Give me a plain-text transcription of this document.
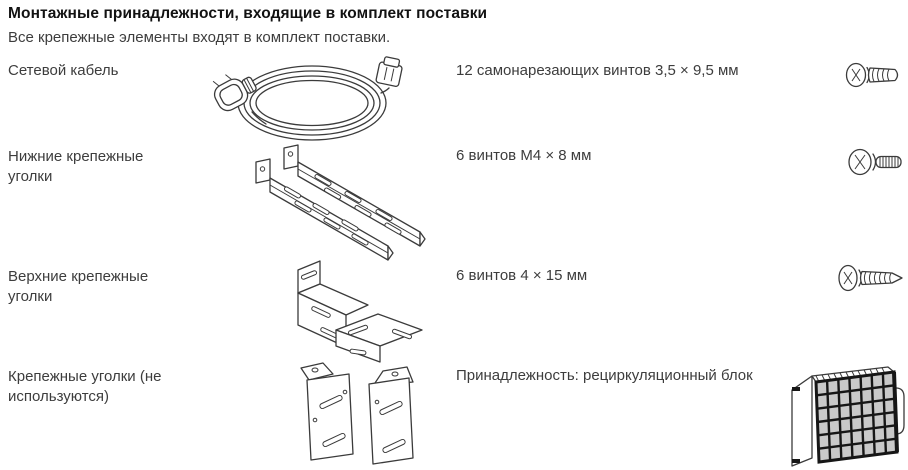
Монтажные принадлежности, входящие в комплект поставки
Все крепежные элементы входят в комплект поставки.
Сетевой кабель	12 самонарезающих винтов 3,5 × 9,5 мм
Нижние крепежные уголки
6 винтов M4 × 8 мм
Верхние крепежные уголки
6 винтов 4 × 15 мм
Крепежные уголки (не используются)
Принадлежность: рециркуляционный блок
